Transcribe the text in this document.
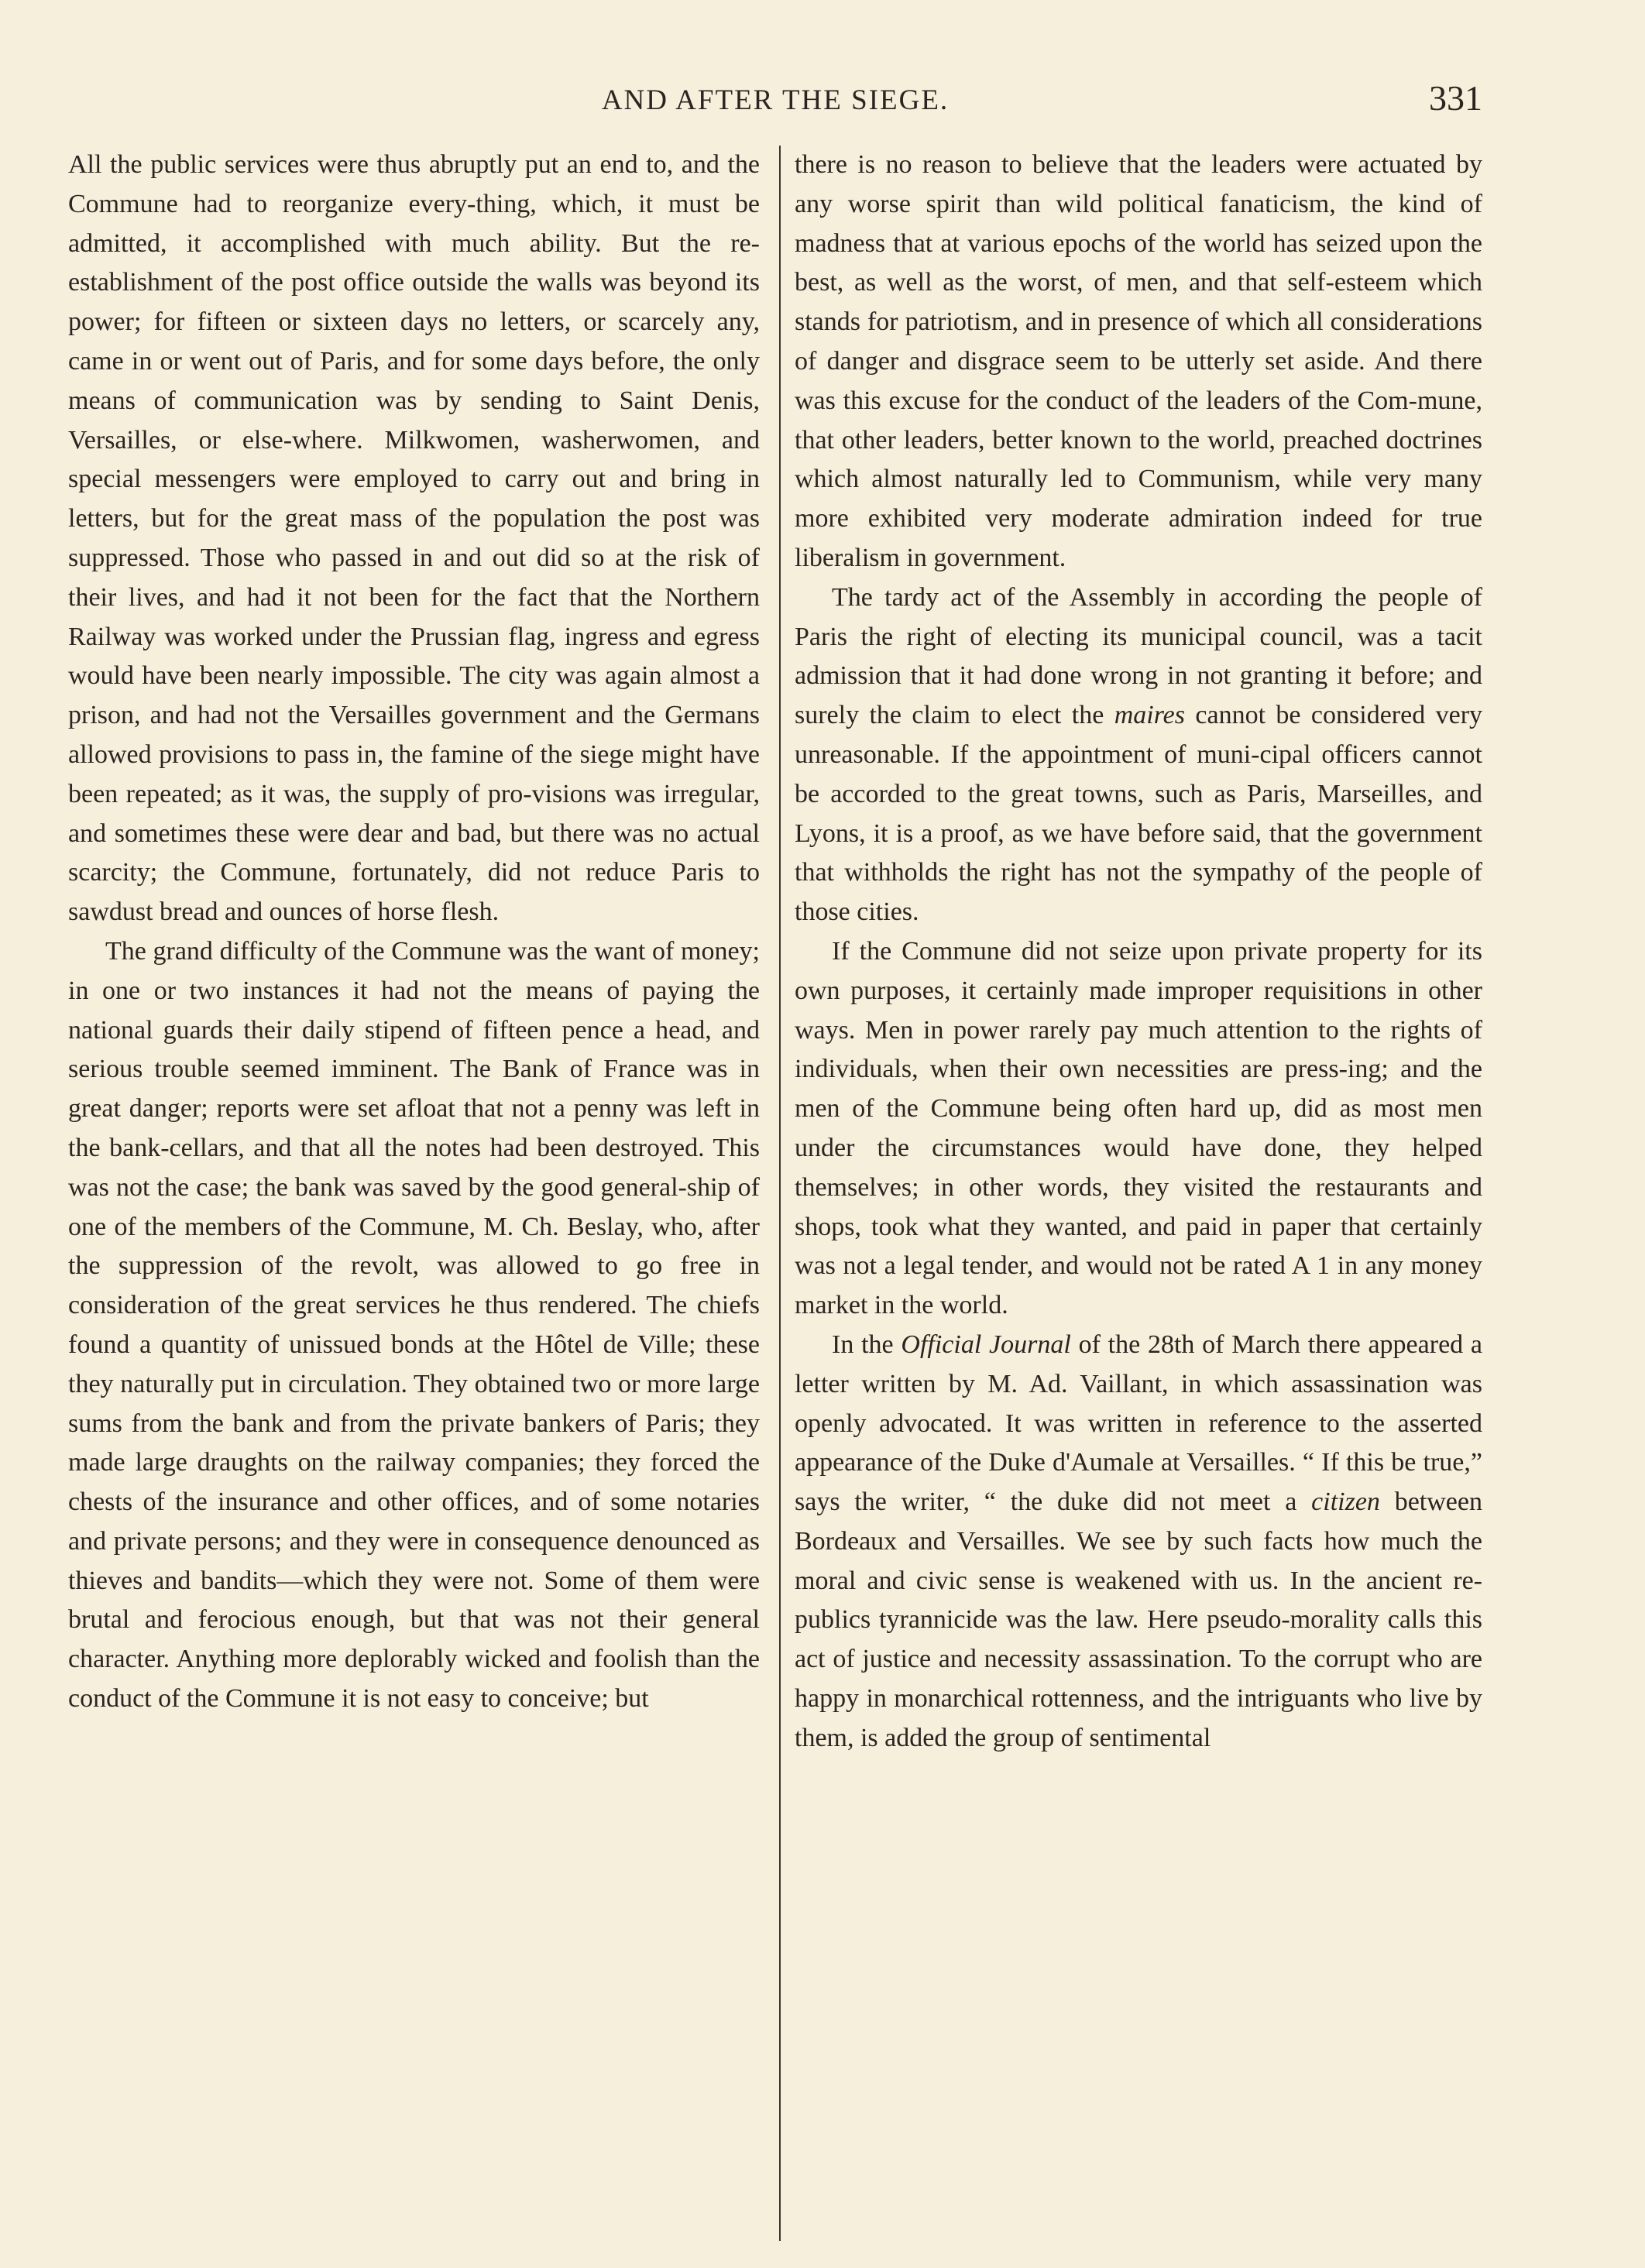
AND AFTER THE SIEGE.	331

All the public services were thus abruptly put an end to, and the Commune had to reorganize every-thing, which, it must be admitted, it accomplished with much ability. But the re-establishment of the post office outside the walls was beyond its power; for fifteen or sixteen days no letters, or scarcely any, came in or went out of Paris, and for some days before, the only means of communication was by sending to Saint Denis, Versailles, or else-where. Milkwomen, washerwomen, and special messengers were employed to carry out and bring in letters, but for the great mass of the population the post was suppressed. Those who passed in and out did so at the risk of their lives, and had it not been for the fact that the Northern Railway was worked under the Prussian flag, ingress and egress would have been nearly impossible. The city was again almost a prison, and had not the Versailles government and the Germans allowed provisions to pass in, the famine of the siege might have been repeated; as it was, the supply of pro-visions was irregular, and sometimes these were dear and bad, but there was no actual scarcity; the Commune, fortunately, did not reduce Paris to sawdust bread and ounces of horse flesh.

The grand difficulty of the Commune was the want of money; in one or two instances it had not the means of paying the national guards their daily stipend of fifteen pence a head, and serious trouble seemed imminent. The Bank of France was in great danger; reports were set afloat that not a penny was left in the bank-cellars, and that all the notes had been destroyed. This was not the case; the bank was saved by the good general-ship of one of the members of the Commune, M. Ch. Beslay, who, after the suppression of the revolt, was allowed to go free in consideration of the great services he thus rendered. The chiefs found a quantity of unissued bonds at the Hôtel de Ville; these they naturally put in circulation. They obtained two or more large sums from the bank and from the private bankers of Paris; they made large draughts on the railway companies; they forced the chests of the insurance and other offices, and of some notaries and private persons; and they were in consequence denounced as thieves and bandits—which they were not. Some of them were brutal and ferocious enough, but that was not their general character. Anything more deplorably wicked and foolish than the conduct of the Commune it is not easy to conceive; but

there is no reason to believe that the leaders were actuated by any worse spirit than wild political fanaticism, the kind of madness that at various epochs of the world has seized upon the best, as well as the worst, of men, and that self-esteem which stands for patriotism, and in presence of which all considerations of danger and disgrace seem to be utterly set aside. And there was this excuse for the conduct of the leaders of the Com-mune, that other leaders, better known to the world, preached doctrines which almost naturally led to Communism, while very many more exhibited very moderate admiration indeed for true liberalism in government.

The tardy act of the Assembly in according the people of Paris the right of electing its municipal council, was a tacit admission that it had done wrong in not granting it before; and surely the claim to elect the maires cannot be considered very unreasonable. If the appointment of muni-cipal officers cannot be accorded to the great towns, such as Paris, Marseilles, and Lyons, it is a proof, as we have before said, that the government that withholds the right has not the sympathy of the people of those cities.

If the Commune did not seize upon private property for its own purposes, it certainly made improper requisitions in other ways. Men in power rarely pay much attention to the rights of individuals, when their own necessities are press-ing; and the men of the Commune being often hard up, did as most men under the circumstances would have done, they helped themselves; in other words, they visited the restaurants and shops, took what they wanted, and paid in paper that certainly was not a legal tender, and would not be rated A 1 in any money market in the world.

In the Official Journal of the 28th of March there appeared a letter written by M. Ad. Vaillant, in which assassination was openly advocated. It was written in reference to the asserted appearance of the Duke d'Aumale at Versailles. “ If this be true,” says the writer, “ the duke did not meet a citizen between Bordeaux and Versailles. We see by such facts how much the moral and civic sense is weakened with us. In the ancient re-publics tyrannicide was the law. Here pseudo-morality calls this act of justice and necessity assassination. To the corrupt who are happy in monarchical rottenness, and the intriguants who live by them, is added the group of sentimental
